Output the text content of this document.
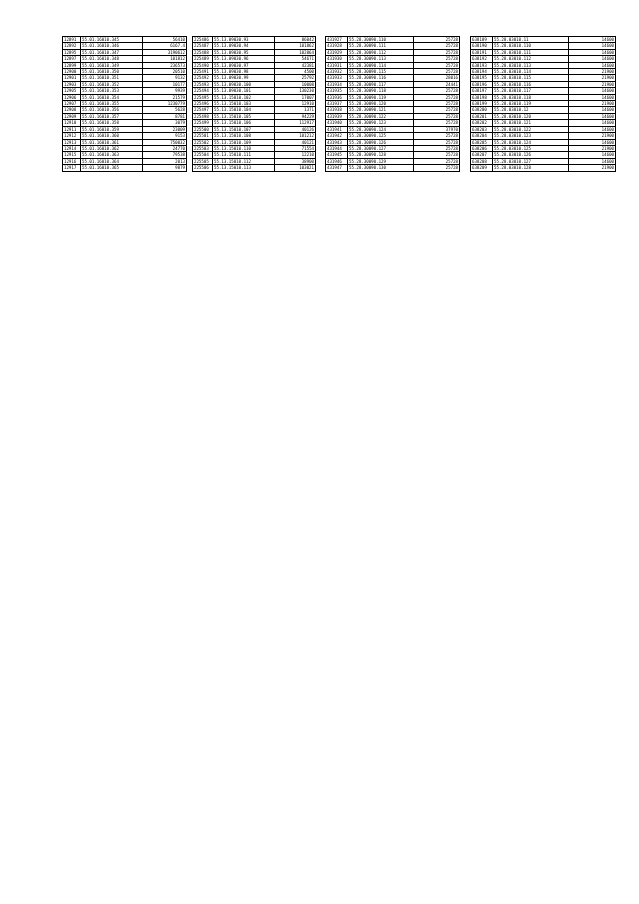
12891	55.01.16010.345	56410
12892	55.01.16010.346	6167.4
12895	55.01.16010.347	3190612
12897	55.01.16010.348	101812
12899	55.01.16010.349	236573
12900	55.01.16010.350	20510
12901	55.01.16010.351	9132
12903	55.01.16010.352	10177
12905	55.01.16010.353	9939
12906	55.01.16010.354	21579
12907	55.01.16010.355	1230779
12908	55.01.16010.356	5628
12909	55.01.16010.357	8781
12910	55.01.16010.358	3079
12911	55.01.16010.359	23009
12912	55.01.16010.360	9153
12913	55.01.16010.361	750032
12914	55.01.16010.362	24770
12915	55.01.16010.363	79538
12916	55.01.16010.364	2013
12917	55.01.16010.365	9879
225486	55.13.09030.93	86042
225487	55.13.09030.94	101862
225488	55.13.09030.95	102864
225489	55.13.09030.96	54671
225490	55.13.09030.97	42381
225491	55.13.09030.98	4500
225492	55.13.09030.99	25792
225493	55.13.09030.100	10008
225494	55.13.09030.101	130230
225495	55.13.15010.102	17007
225496	55.13.15010.103	12910
225497	55.13.15010.104	1371
225498	55.13.15010.105	94229
225499	55.13.15010.106	112917
225500	55.13.15010.107	40126
225501	55.13.15010.108	101212
225502	55.13.15010.109	40121
225503	55.13.15010.110	71554
225504	55.13.15010.111	12210
225505	55.13.15010.112	38900
225506	55.13.15010.113	103021
431927	55.28.30090.110	25728
431928	55.28.30090.111	25728
431929	55.28.30090.112	25728
431930	55.28.30090.113	25728
431931	55.28.30090.114	25728
431932	55.28.30090.115	25728
431933	55.28.30090.116	28016
431934	55.28.30090.117	24441
431935	55.28.30090.118	25728
431936	55.28.30090.119	25728
431937	55.28.30090.120	25728
431938	55.28.30090.121	25728
431939	55.28.30090.122	25728
431940	55.28.30090.123	25728
431941	55.28.30090.124	37970
431942	55.28.30090.125	25728
431943	55.28.30090.126	25728
431944	55.28.30090.127	25728
431945	55.28.30090.128	25728
431946	55.28.30090.129	25728
431947	55.28.30090.130	25728
638189	55.28.03010.11	14600
638190	55.28.03010.110	14600
638191	55.28.03010.111	14600
638192	55.28.03010.112	14600
638193	55.28.03010.113	14600
638194	55.28.03010.114	21900
638195	55.28.03010.115	21900
638196	55.28.03010.116	21900
638197	55.28.03010.117	14600
638198	55.28.03010.118	14600
638199	55.28.03010.119	21900
638200	55.28.03010.12	14600
638201	55.28.03010.120	14600
638202	55.28.03010.121	14600
638203	55.28.03010.122	14600
638204	55.28.03010.123	21900
638205	55.28.03010.124	14600
638206	55.28.03010.125	21900
638207	55.28.03010.126	14600
638208	55.28.03010.127	14600
638209	55.28.03010.128	21900
